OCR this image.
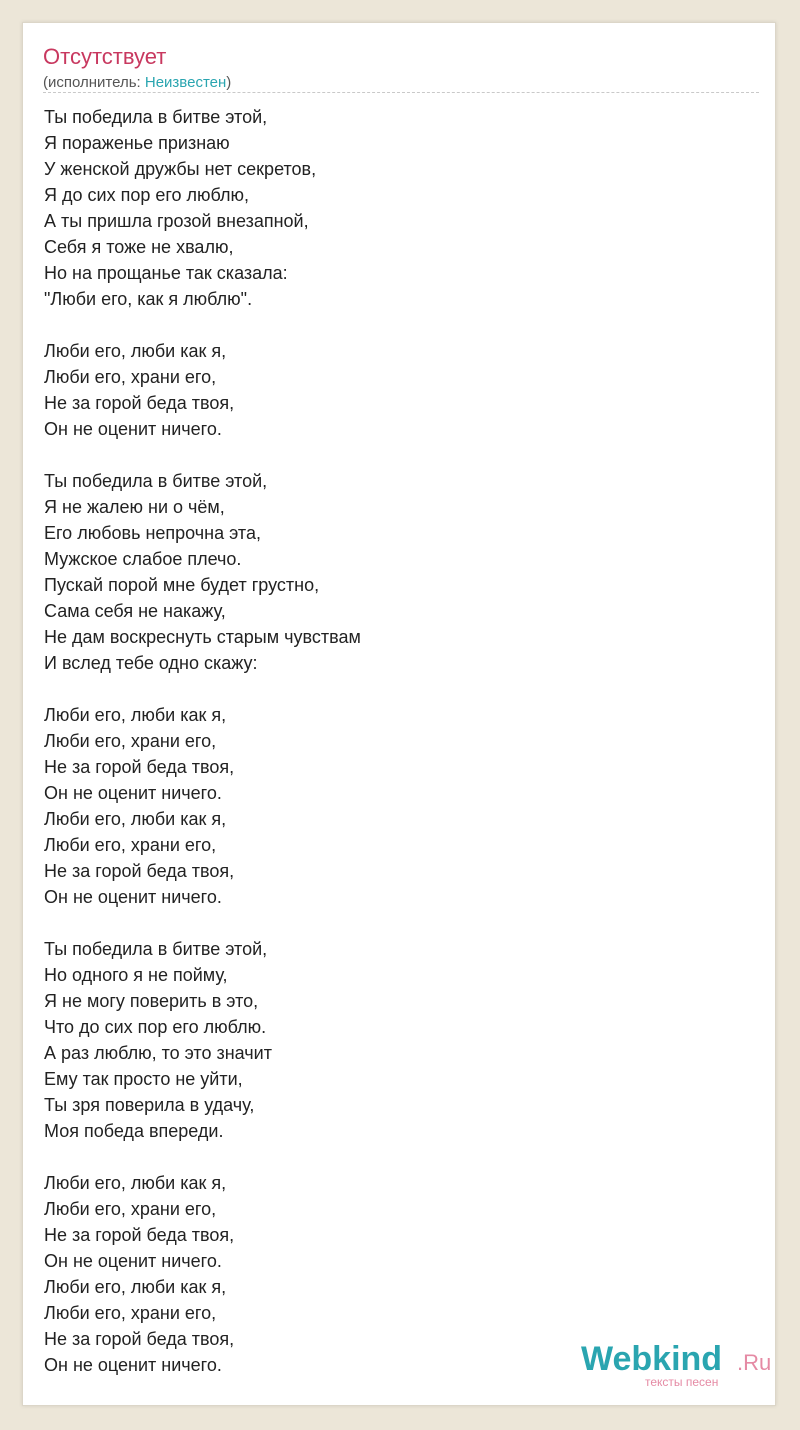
Отсутствует
(исполнитель: Неизвестен)
Ты победила в битве этой,
Я пораженье признаю
У женской дружбы нет секретов,
Я до сих пор его люблю,
А ты пришла грозой внезапной,
Себя я тоже не хвалю,
Но на прощанье так сказала:
"Люби его, как я люблю".
Люби его, люби как я,
Люби его, храни его,
Не за горой беда твоя,
Он не оценит ничего.
Ты победила в битве этой,
Я не жалею ни о чём,
Его любовь непрочна эта,
Мужское слабое плечо.
Пускай порой мне будет грустно,
Сама себя не накажу,
Не дам воскреснуть старым чувствам
И вслед тебе одно скажу:
Люби его, люби как я,
Люби его, храни его,
Не за горой беда твоя,
Он не оценит ничего.
Люби его, люби как я,
Люби его, храни его,
Не за горой беда твоя,
Он не оценит ничего.
Ты победила в битве этой,
Но одного я не пойму,
Я не могу поверить в это,
Что до сих пор его люблю.
А раз люблю, то это значит
Ему так просто не уйти,
Ты зря поверила в удачу,
Моя победа впереди.
Люби его, люби как я,
Люби его, храни его,
Не за горой беда твоя,
Он не оценит ничего.
Люби его, люби как я,
Люби его, храни его,
Не за горой беда твоя,
Он не оценит ничего.	Webkind .Ru
тексты песен
